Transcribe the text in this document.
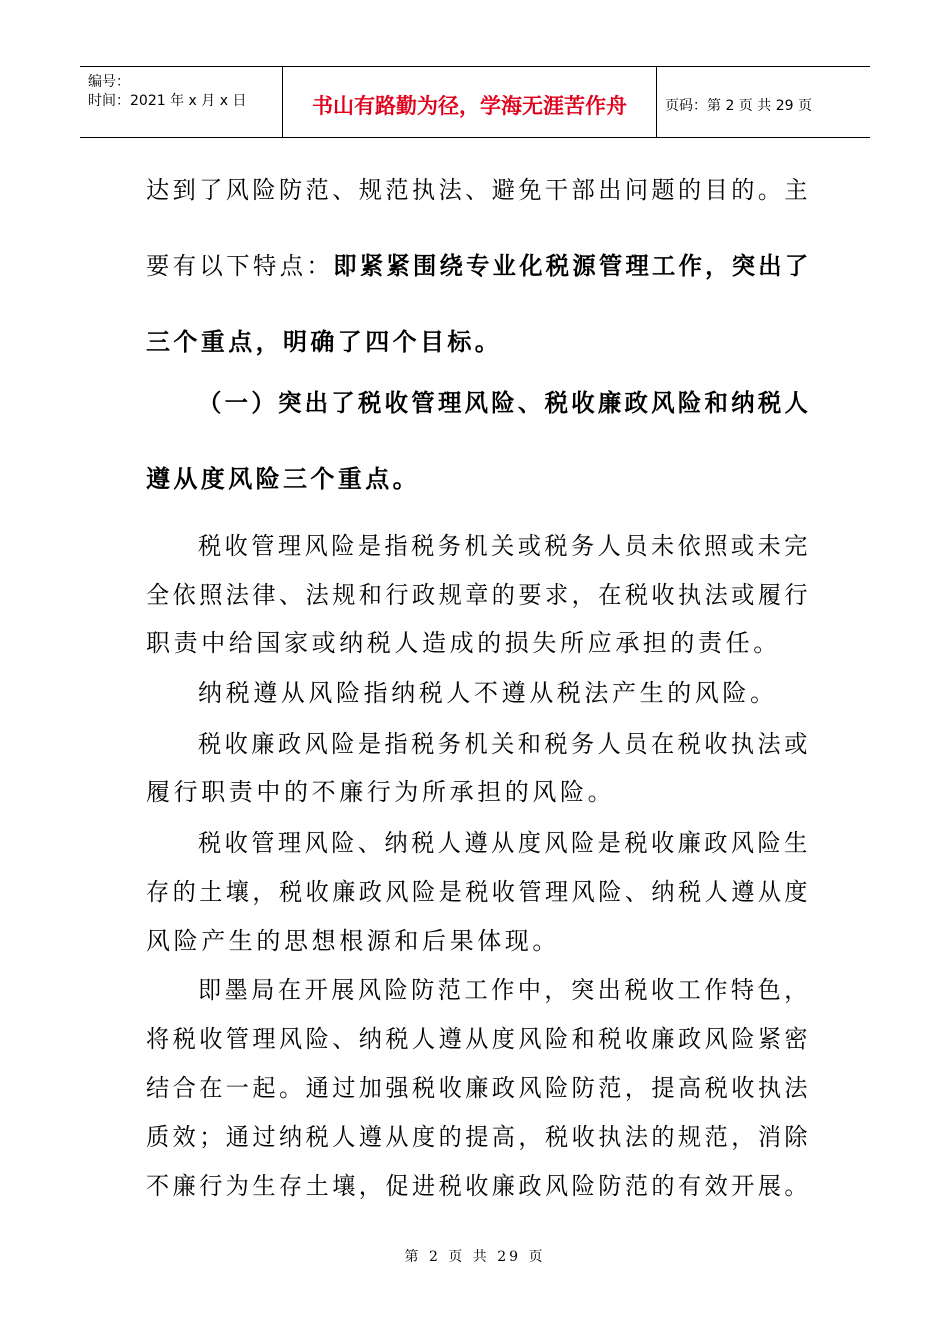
编号：
时间：2021 年 x 月 x 日	书山有路勤为径，学海无涯苦作舟	页码：第 2 页 共 29 页
达到了风险防范、规范执法、避免干部出问题的目的。主
要有以下特点：即紧紧围绕专业化税源管理工作，突出了
三个重点，明确了四个目标。
（一）突出了税收管理风险、税收廉政风险和纳税人
遵从度风险三个重点。
税收管理风险是指税务机关或税务人员未依照或未完
全依照法律、法规和行政规章的要求，在税收执法或履行
职责中给国家或纳税人造成的损失所应承担的责任。
纳税遵从风险指纳税人不遵从税法产生的风险。
税收廉政风险是指税务机关和税务人员在税收执法或
履行职责中的不廉行为所承担的风险。
税收管理风险、纳税人遵从度风险是税收廉政风险生
存的土壤，税收廉政风险是税收管理风险、纳税人遵从度
风险产生的思想根源和后果体现。
即墨局在开展风险防范工作中，突出税收工作特色，
将税收管理风险、纳税人遵从度风险和税收廉政风险紧密
结合在一起。通过加强税收廉政风险防范，提高税收执法
质效；通过纳税人遵从度的提高，税收执法的规范，消除
不廉行为生存土壤，促进税收廉政风险防范的有效开展。
第 2 页 共 29 页
